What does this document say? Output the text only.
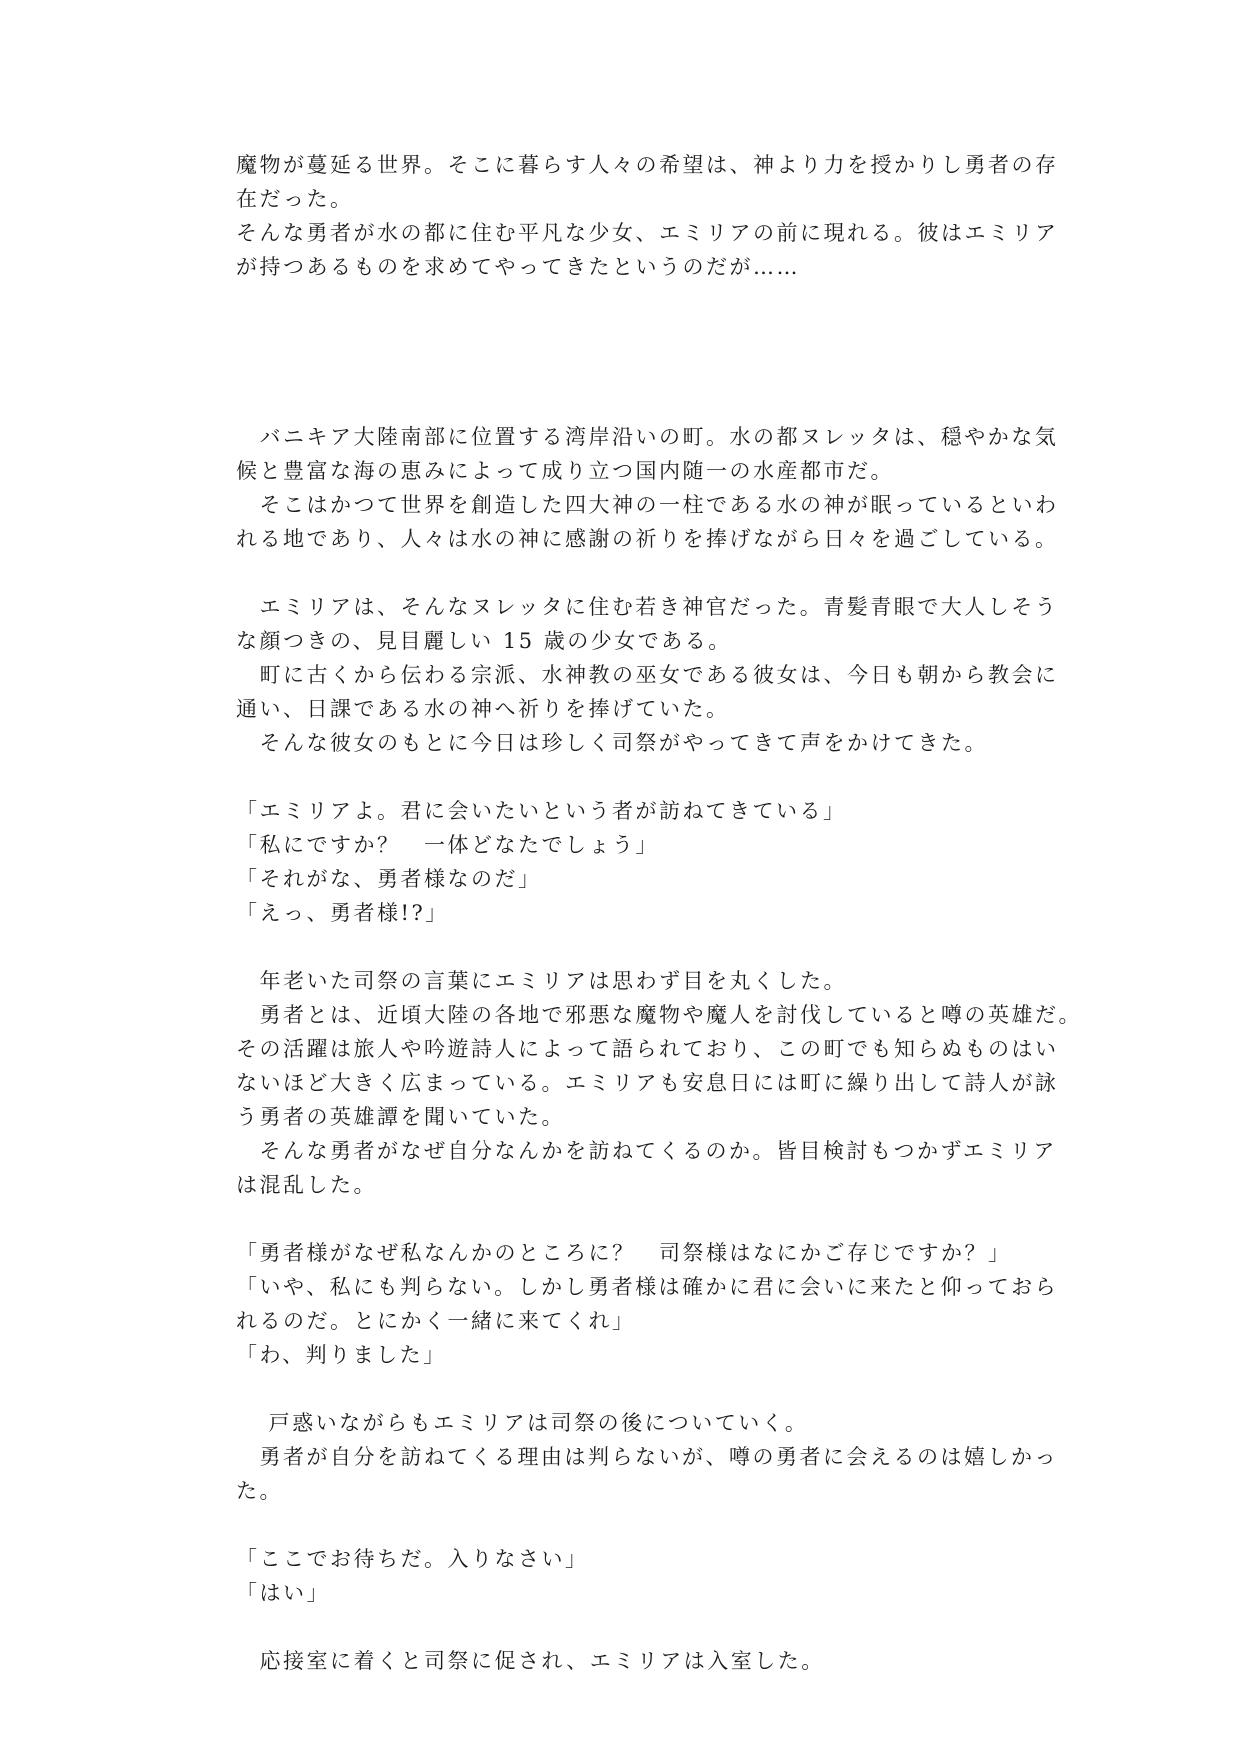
魔物が蔓延る世界。そこに暮らす人々の希望は、神より力を授かりし勇者の存
在だった。
そんな勇者が水の都に住む平凡な少女、エミリアの前に現れる。彼はエミリア
が持つあるものを求めてやってきたというのだが……
　バニキア大陸南部に位置する湾岸沿いの町。水の都ヌレッタは、穏やかな気
候と豊富な海の恵みによって成り立つ国内随一の水産都市だ。
　そこはかつて世界を創造した四大神の一柱である水の神が眠っているといわ
れる地であり、人々は水の神に感謝の祈りを捧げながら日々を過ごしている。
　エミリアは、そんなヌレッタに住む若き神官だった。青髪青眼で大人しそう
な顔つきの、見目麗しい 15 歳の少女である。
　町に古くから伝わる宗派、水神教の巫女である彼女は、今日も朝から教会に
通い、日課である水の神へ祈りを捧げていた。
　そんな彼女のもとに今日は珍しく司祭がやってきて声をかけてきた。
「エミリアよ。君に会いたいという者が訪ねてきている」
「私にですか？　一体どなたでしょう」
「それがな、勇者様なのだ」
「えっ、勇者様!?」
　年老いた司祭の言葉にエミリアは思わず目を丸くした。
　勇者とは、近頃大陸の各地で邪悪な魔物や魔人を討伐していると噂の英雄だ。
その活躍は旅人や吟遊詩人によって語られており、この町でも知らぬものはい
ないほど大きく広まっている。エミリアも安息日には町に繰り出して詩人が詠
う勇者の英雄譚を聞いていた。
　そんな勇者がなぜ自分なんかを訪ねてくるのか。皆目検討もつかずエミリア
は混乱した。
「勇者様がなぜ私なんかのところに？　司祭様はなにかご存じですか？」
「いや、私にも判らない。しかし勇者様は確かに君に会いに来たと仰っておら
れるのだ。とにかく一緒に来てくれ」
「わ、判りました」
　 戸惑いながらもエミリアは司祭の後についていく。
　勇者が自分を訪ねてくる理由は判らないが、噂の勇者に会えるのは嬉しかっ
た。
「ここでお待ちだ。入りなさい」
「はい」
　応接室に着くと司祭に促され、エミリアは入室した。
